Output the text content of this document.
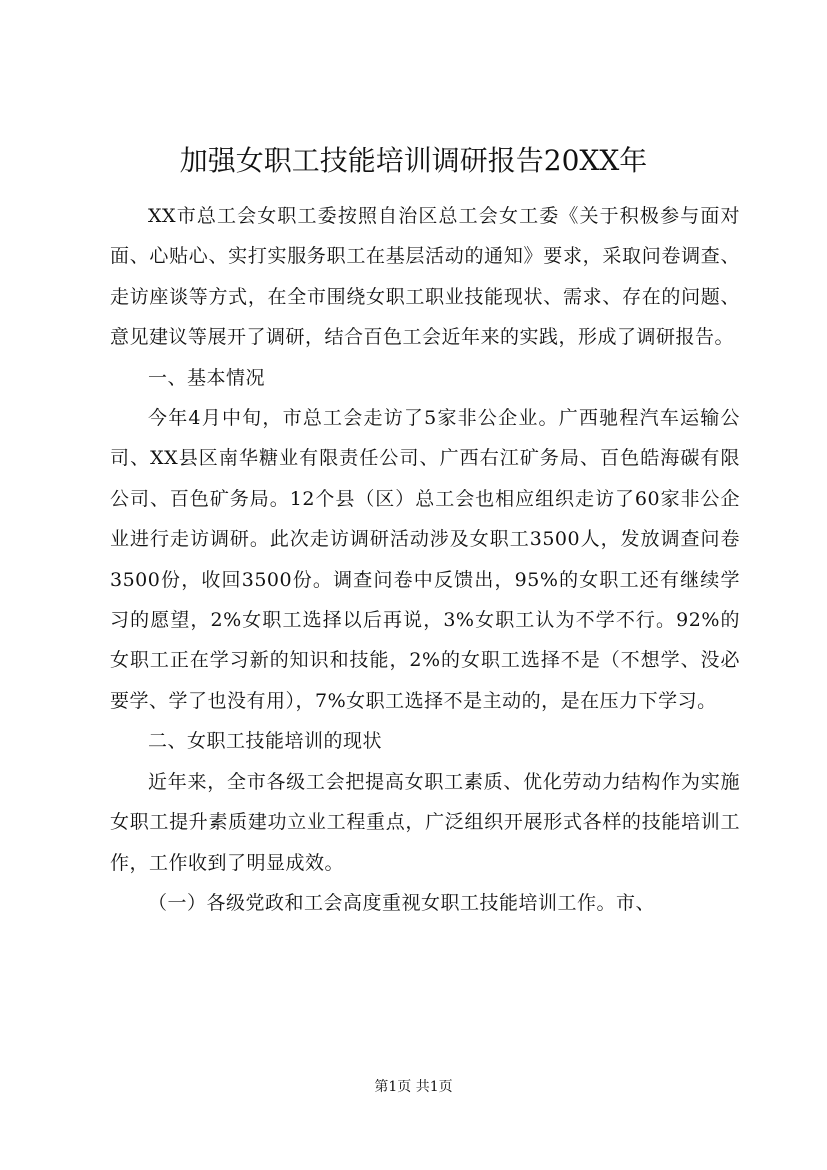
加强女职工技能培训调研报告20XX年

XX市总工会女职工委按照自治区总工会女工委《关于积极参与面对面、心贴心、实打实服务职工在基层活动的通知》要求，采取问卷调查、走访座谈等方式，在全市围绕女职工职业技能现状、需求、存在的问题、意见建议等展开了调研，结合百色工会近年来的实践，形成了调研报告。

一、基本情况

今年4月中旬，市总工会走访了5家非公企业。广西驰程汽车运输公司、XX县区南华糖业有限责任公司、广西右江矿务局、百色皓海碳有限公司、百色矿务局。12个县（区）总工会也相应组织走访了60家非公企业进行走访调研。此次走访调研活动涉及女职工3500人，发放调查问卷3500份，收回3500份。调查问卷中反馈出，95%的女职工还有继续学习的愿望，2%女职工选择以后再说，3%女职工认为不学不行。92%的女职工正在学习新的知识和技能，2%的女职工选择不是（不想学、没必要学、学了也没有用），7%女职工选择不是主动的，是在压力下学习。

二、女职工技能培训的现状

近年来，全市各级工会把提高女职工素质、优化劳动力结构作为实施女职工提升素质建功立业工程重点，广泛组织开展形式各样的技能培训工作，工作收到了明显成效。

（一）各级党政和工会高度重视女职工技能培训工作。市、

第1页 共1页
